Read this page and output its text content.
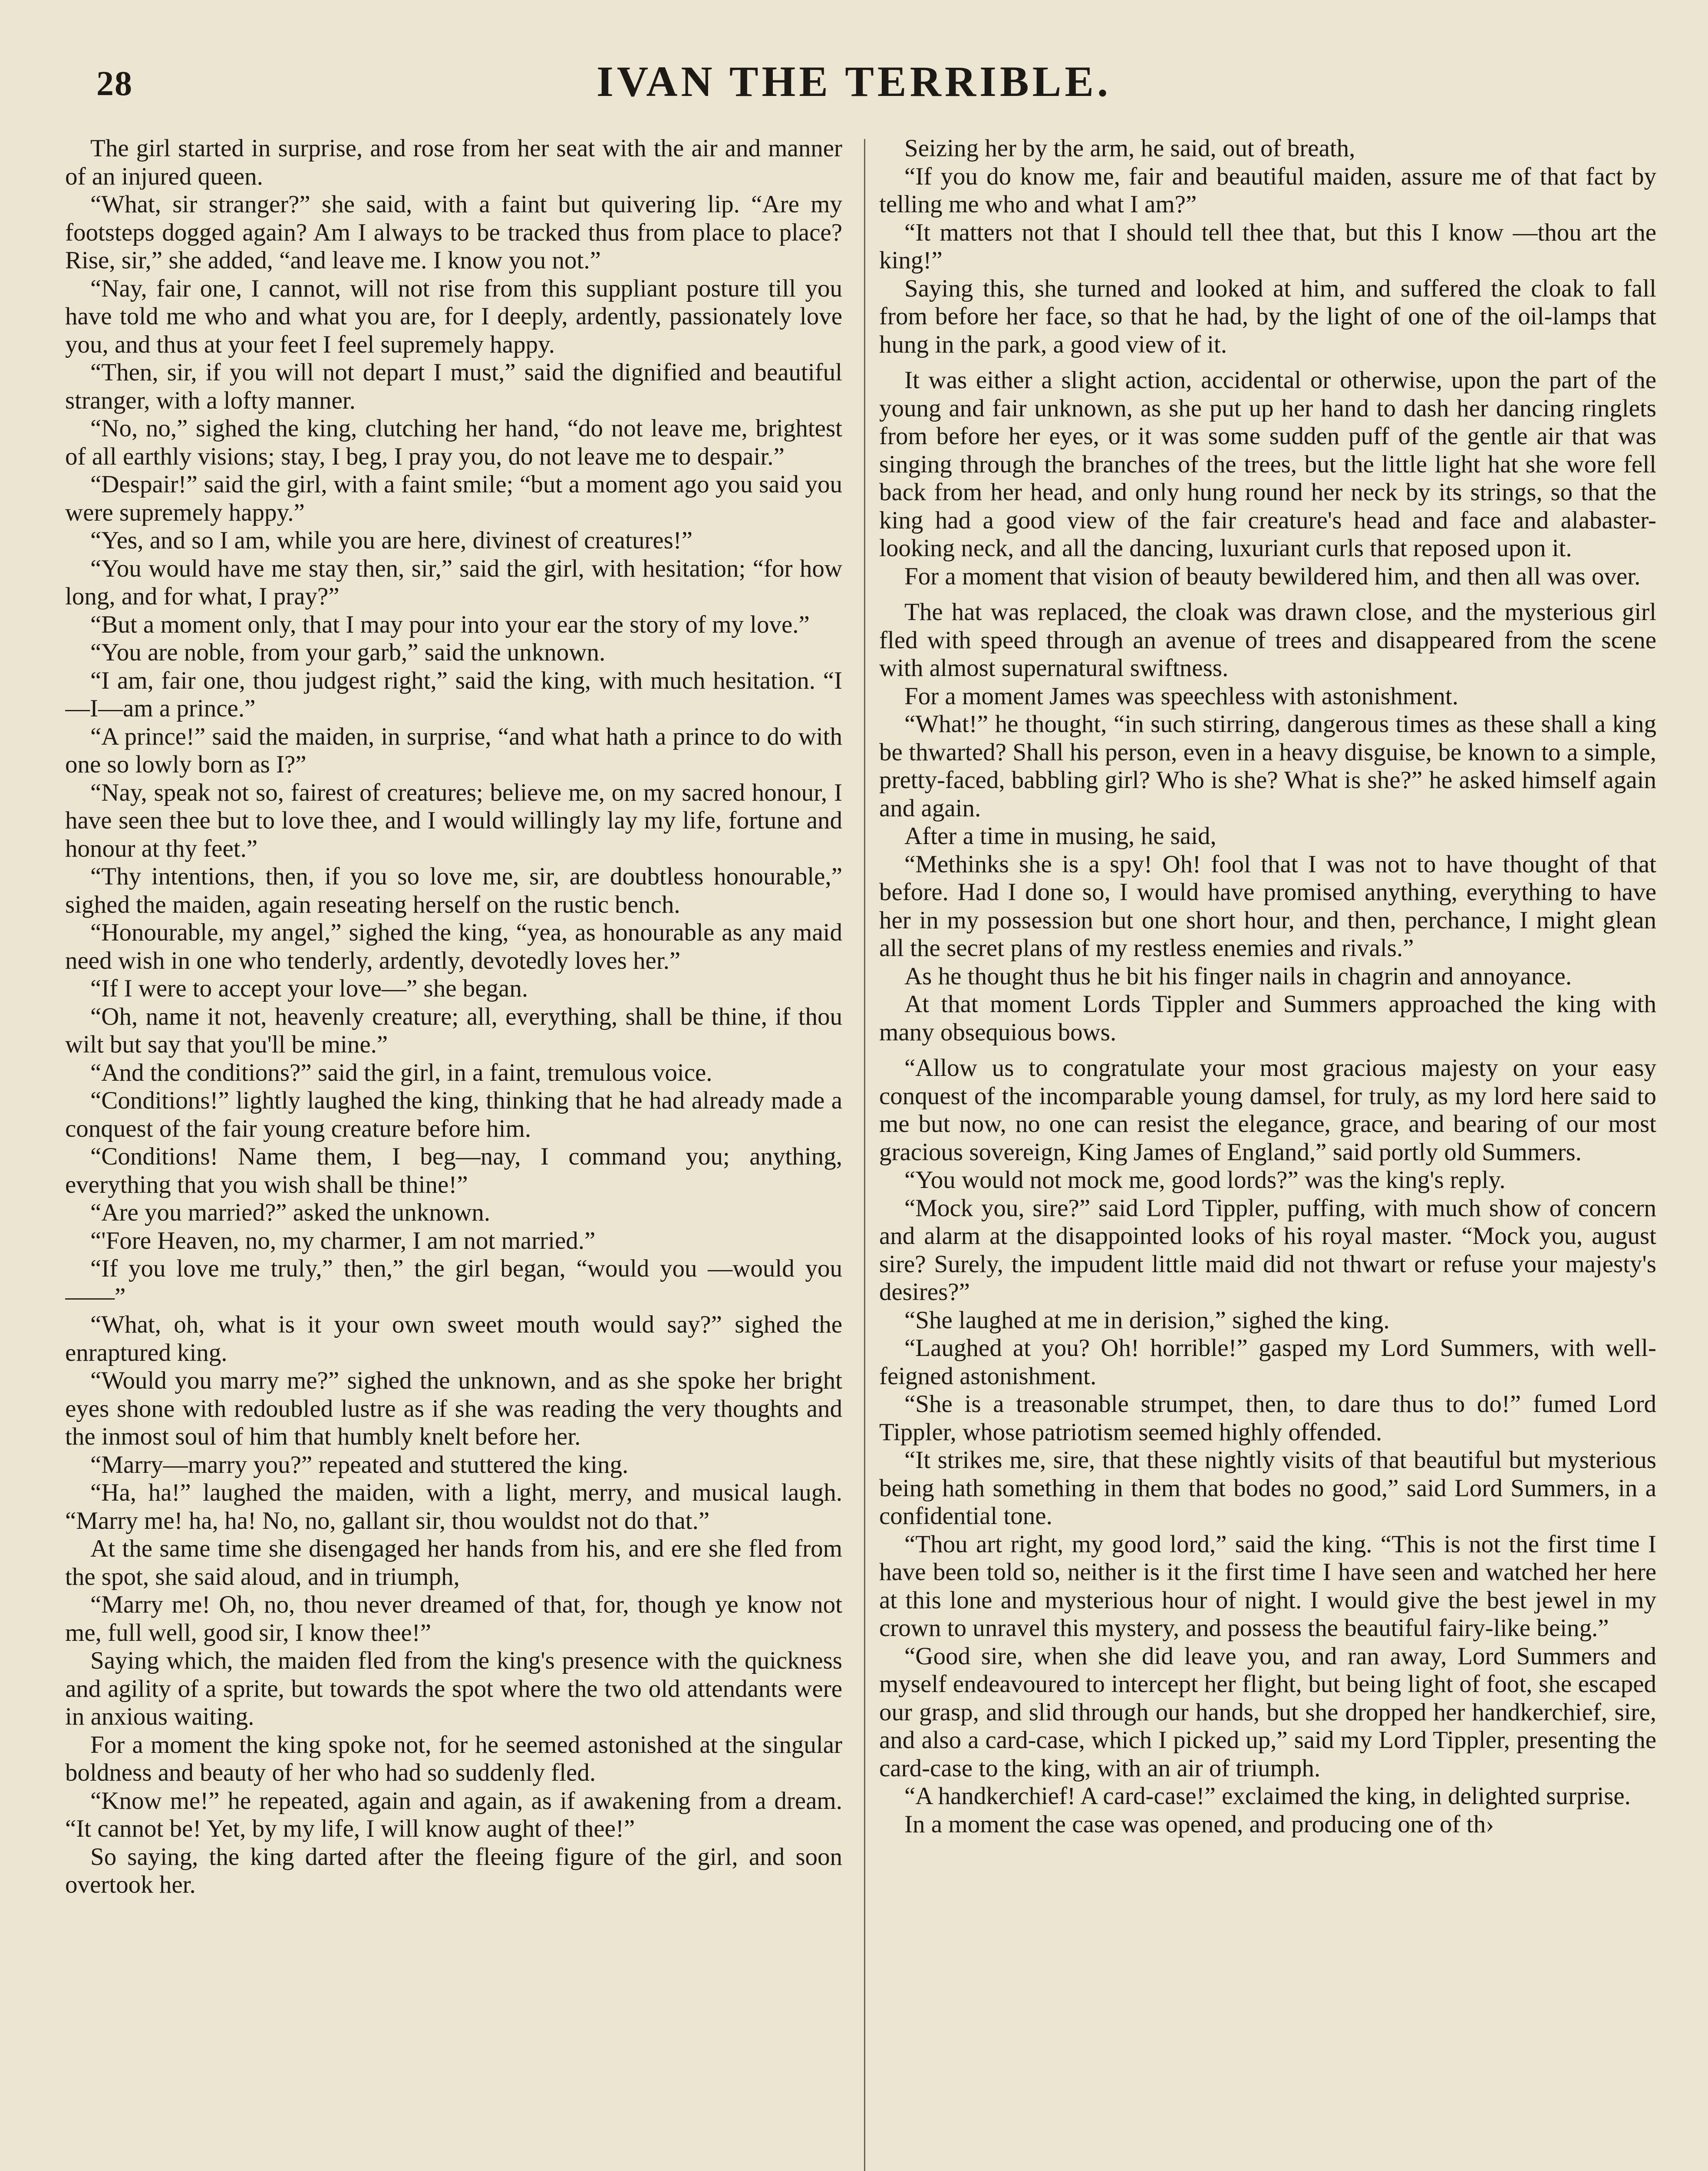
28	IVAN THE TERRIBLE.

The girl started in surprise, and rose from her seat with the air and manner of an injured queen.

“What, sir stranger?” she said, with a faint but quivering lip. “Are my footsteps dogged again? Am I always to be tracked thus from place to place? Rise, sir,” she added, “and leave me. I know you not.”

“Nay, fair one, I cannot, will not rise from this suppliant posture till you have told me who and what you are, for I deeply, ardently, passionately love you, and thus at your feet I feel supremely happy.

“Then, sir, if you will not depart I must,” said the dignified and beautiful stranger, with a lofty manner.

“No, no,” sighed the king, clutching her hand, “do not leave me, brightest of all earthly visions; stay, I beg, I pray you, do not leave me to despair.”

“Despair!” said the girl, with a faint smile; “but a moment ago you said you were supremely happy.”

“Yes, and so I am, while you are here, divinest of creatures!”

“You would have me stay then, sir,” said the girl, with hesitation; “for how long, and for what, I pray?”

“But a moment only, that I may pour into your ear the story of my love.”

“You are noble, from your garb,” said the unknown.

“I am, fair one, thou judgest right,” said the king, with much hesitation. “I—I—am a prince.”

“A prince!” said the maiden, in surprise, “and what hath a prince to do with one so lowly born as I?”

“Nay, speak not so, fairest of creatures; believe me, on my sacred honour, I have seen thee but to love thee, and I would willingly lay my life, fortune and honour at thy feet.”

“Thy intentions, then, if you so love me, sir, are doubtless honourable,” sighed the maiden, again reseating herself on the rustic bench.

“Honourable, my angel,” sighed the king, “yea, as honourable as any maid need wish in one who tenderly, ardently, devotedly loves her.”

“If I were to accept your love—” she began.

“Oh, name it not, heavenly creature; all, everything, shall be thine, if thou wilt but say that you'll be mine.”

“And the conditions?” said the girl, in a faint, tremulous voice.

“Conditions!” lightly laughed the king, thinking that he had already made a conquest of the fair young creature before him.

“Conditions! Name them, I beg—nay, I command you; anything, everything that you wish shall be thine!”

“Are you married?” asked the unknown.

“'Fore Heaven, no, my charmer, I am not married.”

“If you love me truly,” then,” the girl began, “would you —would you——”

“What, oh, what is it your own sweet mouth would say?” sighed the enraptured king.

“Would you marry me?” sighed the unknown, and as she spoke her bright eyes shone with redoubled lustre as if she was reading the very thoughts and the inmost soul of him that humbly knelt before her.

“Marry—marry you?” repeated and stuttered the king.

“Ha, ha!” laughed the maiden, with a light, merry, and musical laugh. “Marry me! ha, ha! No, no, gallant sir, thou wouldst not do that.”

At the same time she disengaged her hands from his, and ere she fled from the spot, she said aloud, and in triumph,

“Marry me! Oh, no, thou never dreamed of that, for, though ye know not me, full well, good sir, I know thee!”

Saying which, the maiden fled from the king's presence with the quickness and agility of a sprite, but towards the spot where the two old attendants were in anxious waiting.

For a moment the king spoke not, for he seemed astonished at the singular boldness and beauty of her who had so suddenly fled.

“Know me!” he repeated, again and again, as if awakening from a dream. “It cannot be! Yet, by my life, I will know aught of thee!”

So saying, the king darted after the fleeing figure of the girl, and soon overtook her.

Seizing her by the arm, he said, out of breath,

“If you do know me, fair and beautiful maiden, assure me of that fact by telling me who and what I am?”

“It matters not that I should tell thee that, but this I know —thou art the king!”

Saying this, she turned and looked at him, and suffered the cloak to fall from before her face, so that he had, by the light of one of the oil-lamps that hung in the park, a good view of it.

It was either a slight action, accidental or otherwise, upon the part of the young and fair unknown, as she put up her hand to dash her dancing ringlets from before her eyes, or it was some sudden puff of the gentle air that was singing through the branches of the trees, but the little light hat she wore fell back from her head, and only hung round her neck by its strings, so that the king had a good view of the fair creature's head and face and alabaster-looking neck, and all the dancing, luxuriant curls that reposed upon it.

For a moment that vision of beauty bewildered him, and then all was over.

The hat was replaced, the cloak was drawn close, and the mysterious girl fled with speed through an avenue of trees and disappeared from the scene with almost supernatural swiftness.

For a moment James was speechless with astonishment.

“What!” he thought, “in such stirring, dangerous times as these shall a king be thwarted? Shall his person, even in a heavy disguise, be known to a simple, pretty-faced, babbling girl? Who is she? What is she?” he asked himself again and again.

After a time in musing, he said,

“Methinks she is a spy! Oh! fool that I was not to have thought of that before. Had I done so, I would have promised anything, everything to have her in my possession but one short hour, and then, perchance, I might glean all the secret plans of my restless enemies and rivals.”

As he thought thus he bit his finger nails in chagrin and annoyance.

At that moment Lords Tippler and Summers approached the king with many obsequious bows.

“Allow us to congratulate your most gracious majesty on your easy conquest of the incomparable young damsel, for truly, as my lord here said to me but now, no one can resist the elegance, grace, and bearing of our most gracious sovereign, King James of England,” said portly old Summers.

“You would not mock me, good lords?” was the king's reply.

“Mock you, sire?” said Lord Tippler, puffing, with much show of concern and alarm at the disappointed looks of his royal master. “Mock you, august sire? Surely, the impudent little maid did not thwart or refuse your majesty's desires?”

“She laughed at me in derision,” sighed the king.

“Laughed at you? Oh! horrible!” gasped my Lord Summers, with well-feigned astonishment.

“She is a treasonable strumpet, then, to dare thus to do!” fumed Lord Tippler, whose patriotism seemed highly offended.

“It strikes me, sire, that these nightly visits of that beautiful but mysterious being hath something in them that bodes no good,” said Lord Summers, in a confidential tone.

“Thou art right, my good lord,” said the king. “This is not the first time I have been told so, neither is it the first time I have seen and watched her here at this lone and mysterious hour of night. I would give the best jewel in my crown to unravel this mystery, and possess the beautiful fairy-like being.”

“Good sire, when she did leave you, and ran away, Lord Summers and myself endeavoured to intercept her flight, but being light of foot, she escaped our grasp, and slid through our hands, but she dropped her handkerchief, sire, and also a card-case, which I picked up,” said my Lord Tippler, presenting the card-case to the king, with an air of triumph.

“A handkerchief! A card-case!” exclaimed the king, in delighted surprise.

In a moment the case was opened, and producing one of th›
